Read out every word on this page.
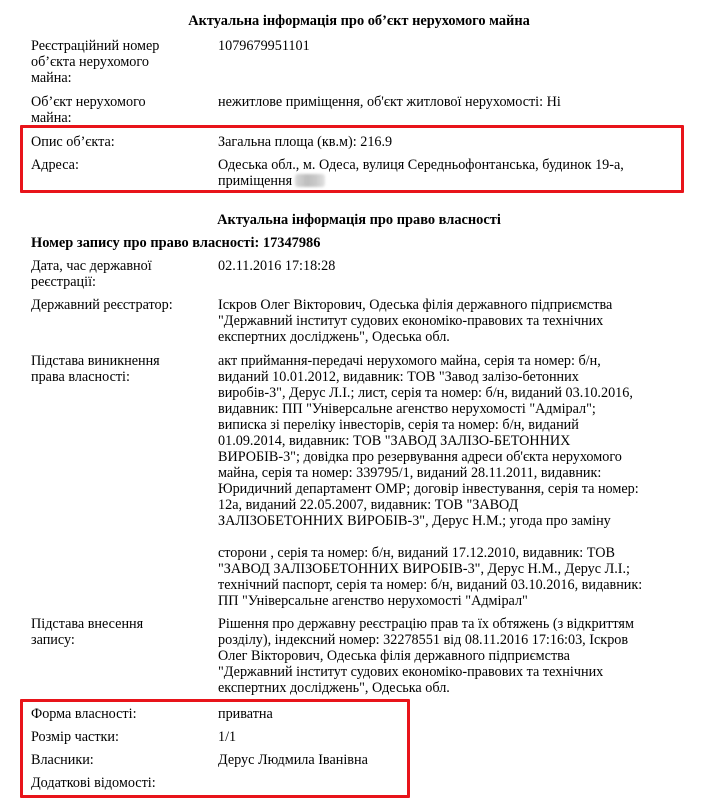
Актуальна інформація про об’єкт нерухомого майна
Реєстраційний номер
об’єкта нерухомого
майна:
1079679951101
Об’єкт нерухомого
майна:
нежитлове приміщення, об'єкт житлової нерухомості: Ні
Опис об’єкта:	Загальна площа (кв.м): 216.9
Адреса:	Одеська обл., м. Одеса, вулиця Середньофонтанська, будинок 19-а,
приміщення
Актуальна інформація про право власності
Номер запису про право власності: 17347986
Дата, час державної
реєстрації:
02.11.2016 17:18:28
Державний реєстратор:	Іскров Олег Вікторович, Одеська філія державного підприємства
"Державний інститут судових економіко-правових та технічних
експертних досліджень", Одеська обл.
Підстава виникнення
права власності:
акт приймання-передачі нерухомого майна, серія та номер: б/н,
виданий 10.01.2012, видавник: ТОВ "Завод залізо-бетонних
виробів-3", Дерус Л.І.; лист, серія та номер: б/н, виданий 03.10.2016,
видавник: ПП "Універсальне агенство нерухомості "Адмірал";
виписка зі переліку інвесторів, серія та номер: б/н, виданий
01.09.2014, видавник: ТОВ "ЗАВОД ЗАЛІЗО-БЕТОННИХ
ВИРОБІВ-3"; довідка про резервування адреси об'єкта нерухомого
майна, серія та номер: 339795/1, виданий 28.11.2011, видавник:
Юридичний департамент ОМР; договір інвестування, серія та номер:
12а, виданий 22.05.2007, видавник: ТОВ "ЗАВОД
ЗАЛІЗОБЕТОННИХ ВИРОБІВ-3", Дерус Н.М.; угода про заміну
сторони , серія та номер: б/н, виданий 17.12.2010, видавник: ТОВ
"ЗАВОД ЗАЛІЗОБЕТОННИХ ВИРОБІВ-3", Дерус Н.М., Дерус Л.І.;
технічний паспорт, серія та номер: б/н, виданий 03.10.2016, видавник:
ПП "Універсальне агенство нерухомості "Адмірал"
Підстава внесення
запису:
Рішення про державну реєстрацію прав та їх обтяжень (з відкриттям
розділу), індексний номер: 32278551 від 08.11.2016 17:16:03, Іскров
Олег Вікторович, Одеська філія державного підприємства
"Державний інститут судових економіко-правових та технічних
експертних досліджень", Одеська обл.
Форма власності:	приватна
Розмір частки:	1/1
Власники:	Дерус Людмила Іванівна
Додаткові відомості:
